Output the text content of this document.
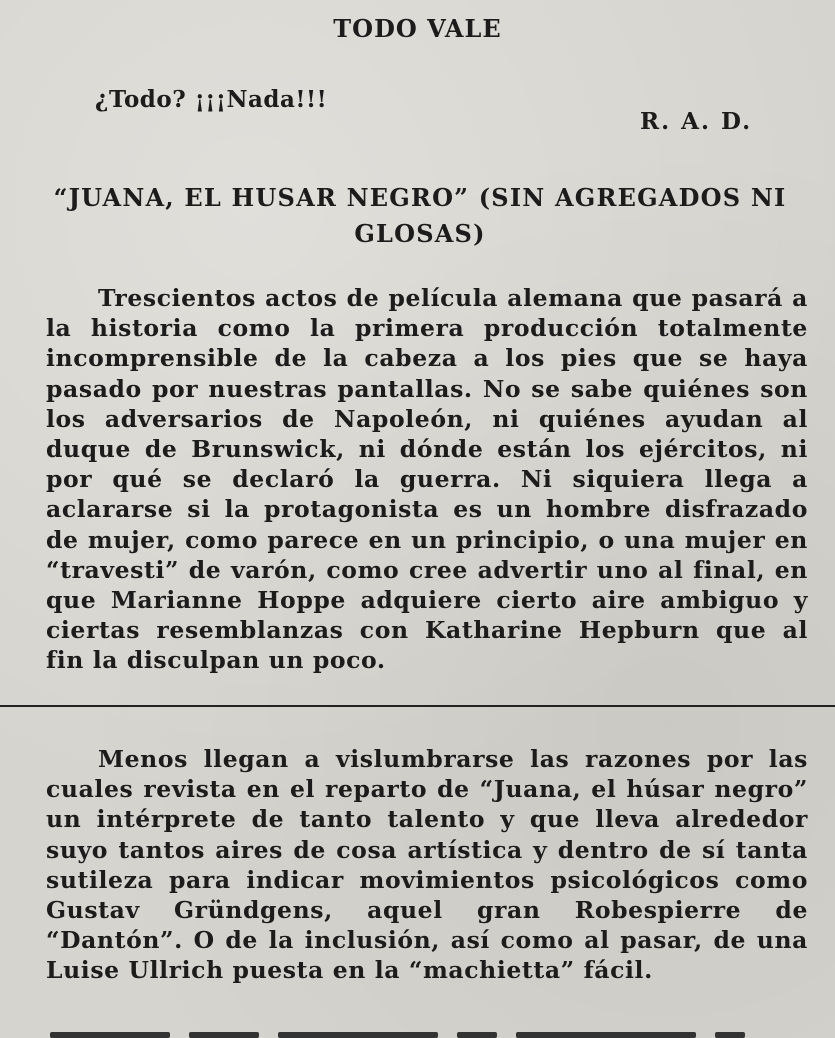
TODO VALE

¿Todo? ¡¡¡Nada!!!

R. A. D.

“JUANA, EL HUSAR NEGRO” (SIN AGREGADOS NI GLOSAS)

Trescientos actos de película alemana que pasará a la historia como la primera producción totalmente incomprensible de la cabeza a los pies que se haya pasado por nuestras pantallas. No se sabe quiénes son los adversarios de Napoleón, ni quiénes ayudan al duque de Brunswick, ni dónde están los ejércitos, ni por qué se declaró la guerra. Ni siquiera llega a aclararse si la protagonista es un hombre disfrazado de mujer, como parece en un principio, o una mujer en “travesti” de varón, como cree advertir uno al final, en que Marianne Hoppe adquiere cierto aire ambiguo y ciertas resemblanzas con Katharine Hepburn que al fin la disculpan un poco.

Menos llegan a vislumbrarse las razones por las cuales revista en el reparto de “Juana, el húsar negro” un intérprete de tanto talento y que lleva alrededor suyo tantos aires de cosa artística y dentro de sí tanta sutileza para indicar movimientos psicológicos como Gustav Gründgens, aquel gran Robespierre de “Dantón”. O de la inclusión, así como al pasar, de una Luise Ullrich puesta en la “machietta” fácil.
